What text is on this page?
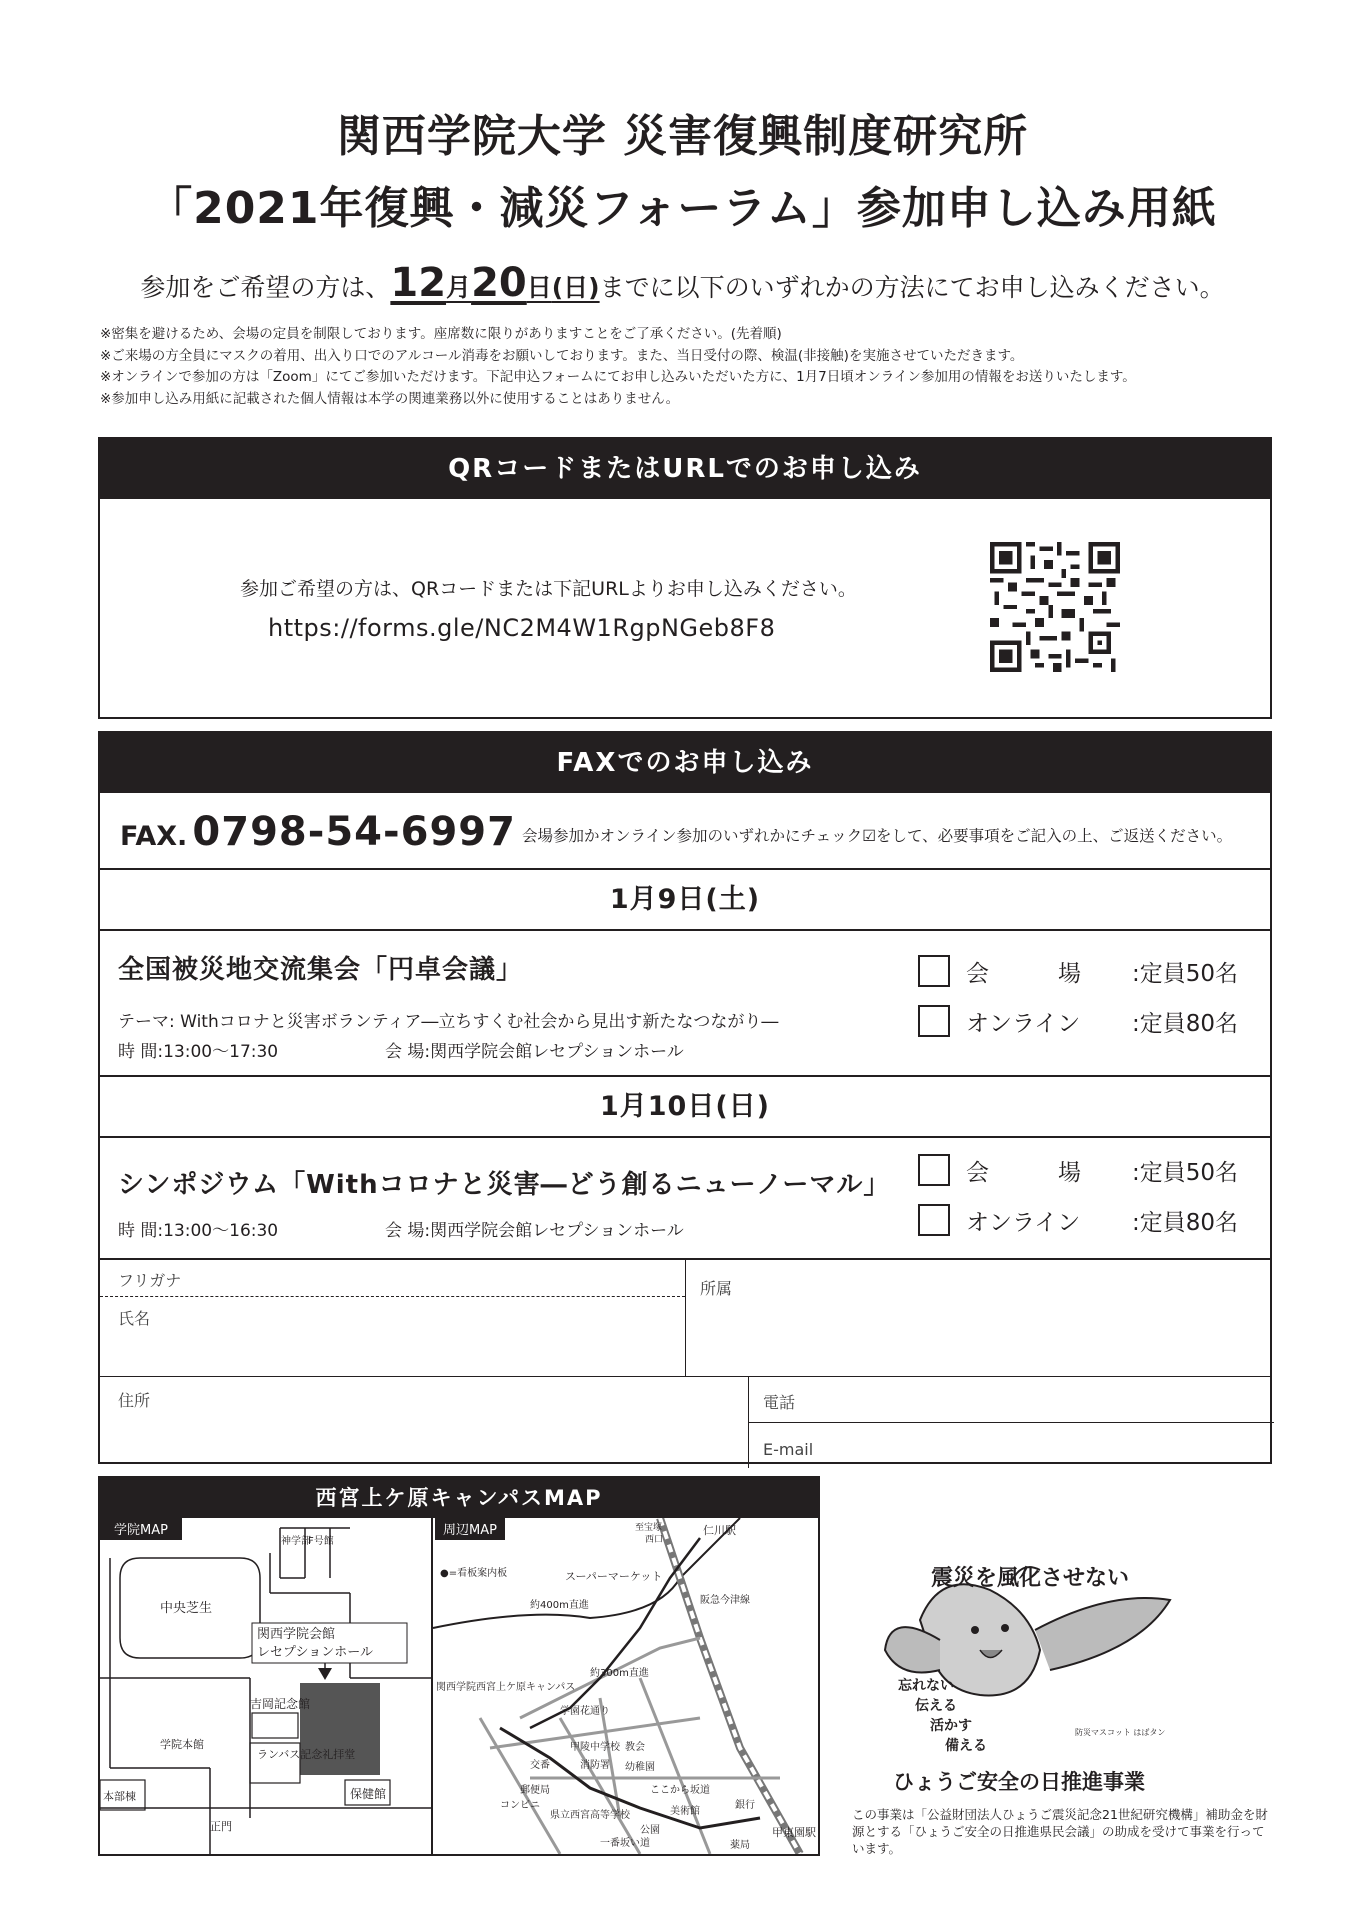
関西学院大学 災害復興制度研究所
「2021年復興・減災フォーラム」参加申し込み用紙
参加をご希望の方は、12月20日(日)までに以下のいずれかの方法にてお申し込みください。
※密集を避けるため、会場の定員を制限しております。座席数に限りがありますことをご了承ください。(先着順)
※ご来場の方全員にマスクの着用、出入り口でのアルコール消毒をお願いしております。また、当日受付の際、検温(非接触)を実施させていただきます。
※オンラインで参加の方は「Zoom」にてご参加いただけます。下記申込フォームにてお申し込みいただいた方に、1月7日頃オンライン参加用の情報をお送りいたします。
※参加申し込み用紙に記載された個人情報は本学の関連業務以外に使用することはありません。
QRコードまたはURLでのお申し込み
参加ご希望の方は、QRコードまたは下記URLよりお申し込みください。
https://forms.gle/NC2M4W1RgpNGeb8F8
FAXでのお申し込み
FAX. 0798-54-6997 会場参加かオンライン参加のいずれかにチェック☑をして、必要事項をご記入の上、ご返送ください。
1月9日(土)
全国被災地交流集会「円卓会議」
テーマ: Withコロナと災害ボランティア―立ちすくむ社会から見出す新たなつながり―
時 間:13:00〜17:30	会 場:関西学院会館レセプションホール
会　　　場 :定員50名
オンライン :定員80名
1月10日(日)
シンポジウム「Withコロナと災害―どう創るニューノーマル」
時 間:13:00〜16:30	会 場:関西学院会館レセプションホール
会　　　場 :定員50名
オンライン :定員80名
フリガナ
氏名
所属
住所	電話
E-mail
西宮上ケ原キャンパスMAP
学院MAP
中央芝生
関西学院会館
レセプションホール
吉岡記念館
ランバス記念礼拝堂
保健館
本部棟
学院本館
正門
神学部
F号館
周辺MAP
●=看板案内板	スーパーマーケット
約400m直進
約300m直進
関西学院西宮上ケ原キャンパス
仁川駅
阪急今津線
甲東園駅
学園花通り
交番
甲陵中学校
消防署
教会
幼稚園
ここから坂道
郵便局
コンビニ
県立西宮高等学校	美術館
銀行
公園
一番坂い道	薬局
至宝塚
西口
震災を風化させない
忘れない
伝える
活かす
備える
防災マスコット はばタン
ひょうご安全の日推進事業
この事業は「公益財団法人ひょうご震災記念21世紀研究機構」補助金を財源とする「ひょうご安全の日推進県民会議」の助成を受けて事業を行っています。
